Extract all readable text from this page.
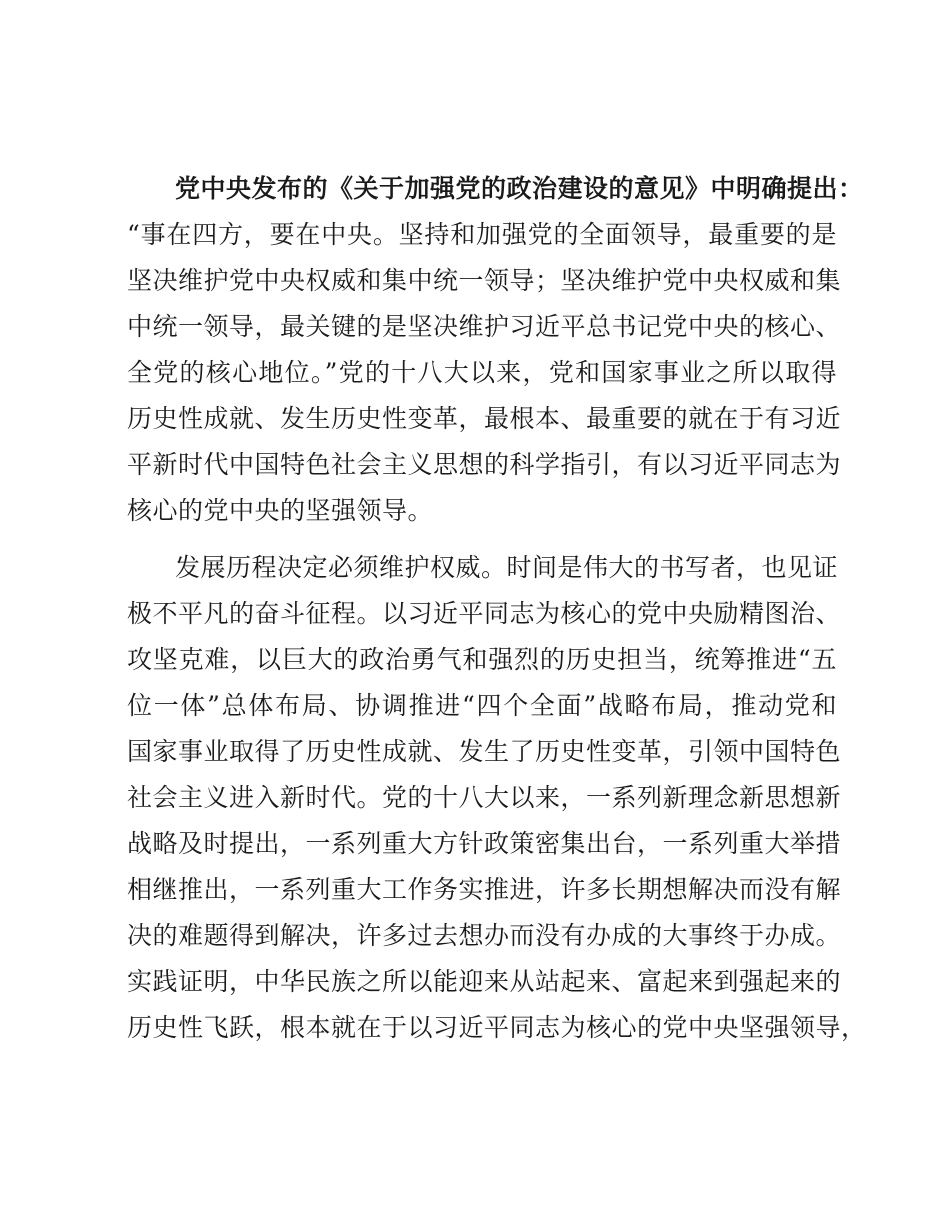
党中央发布的《关于加强党的政治建设的意见》中明确提出：
“事在四方，要在中央。坚持和加强党的全面领导，最重要的是
坚决维护党中央权威和集中统一领导；坚决维护党中央权威和集
中统一领导，最关键的是坚决维护习近平总书记党中央的核心、
全党的核心地位。”党的十八大以来，党和国家事业之所以取得
历史性成就、发生历史性变革，最根本、最重要的就在于有习近
平新时代中国特色社会主义思想的科学指引，有以习近平同志为
核心的党中央的坚强领导。
发展历程决定必须维护权威。时间是伟大的书写者，也见证
极不平凡的奋斗征程。以习近平同志为核心的党中央励精图治、
攻坚克难，以巨大的政治勇气和强烈的历史担当，统筹推进“五
位一体”总体布局、协调推进“四个全面”战略布局，推动党和
国家事业取得了历史性成就、发生了历史性变革，引领中国特色
社会主义进入新时代。党的十八大以来，一系列新理念新思想新
战略及时提出，一系列重大方针政策密集出台，一系列重大举措
相继推出，一系列重大工作务实推进，许多长期想解决而没有解
决的难题得到解决，许多过去想办而没有办成的大事终于办成。
实践证明，中华民族之所以能迎来从站起来、富起来到强起来的
历史性飞跃，根本就在于以习近平同志为核心的党中央坚强领导，
